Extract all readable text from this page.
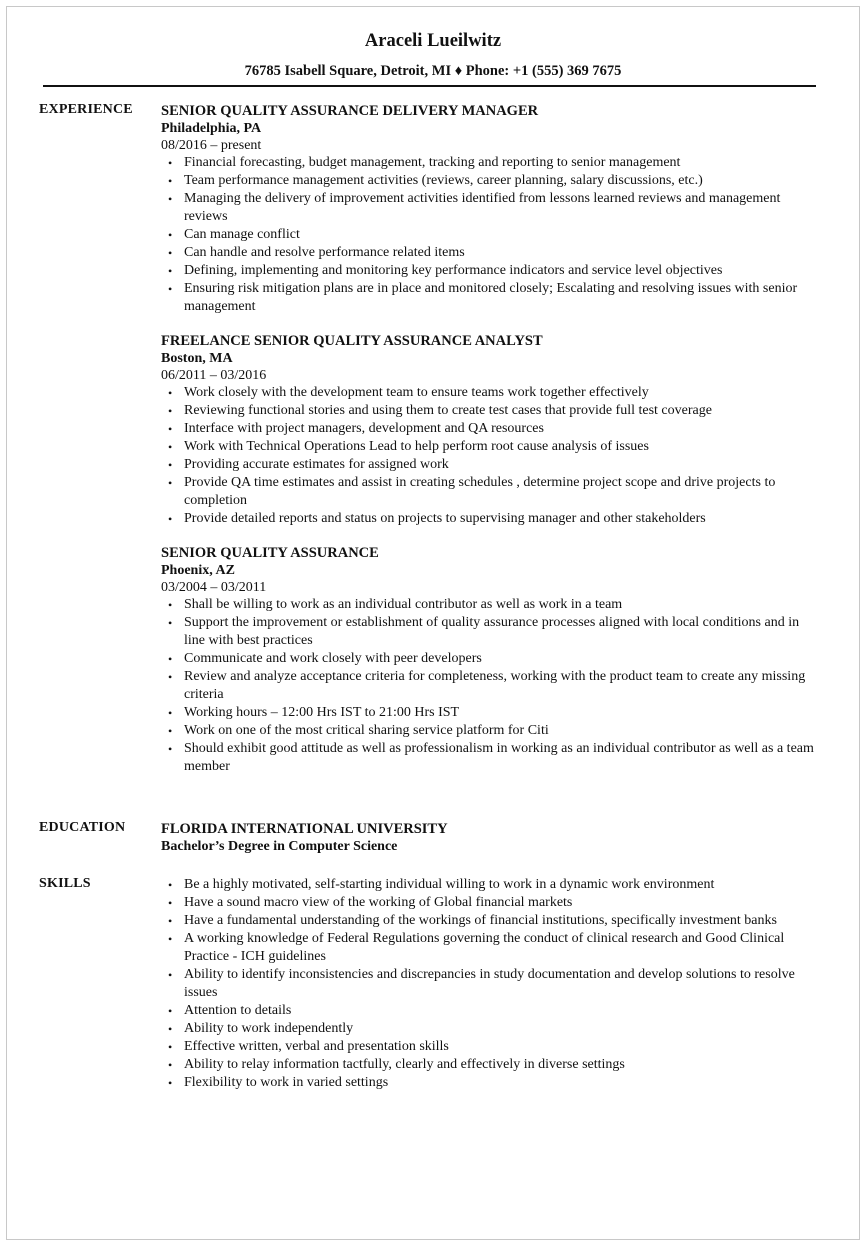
Araceli Lueilwitz
76785 Isabell Square, Detroit, MI ♦ Phone: +1 (555) 369 7675
EXPERIENCE SENIOR QUALITY ASSURANCE DELIVERY MANAGER
Philadelphia, PA
08/2016 – present
• Financial forecasting, budget management, tracking and reporting to senior management
• Team performance management activities (reviews, career planning, salary discussions, etc.)
• Managing the delivery of improvement activities identified from lessons learned reviews and management reviews
• Can manage conflict
• Can handle and resolve performance related items
• Defining, implementing and monitoring key performance indicators and service level objectives
• Ensuring risk mitigation plans are in place and monitored closely; Escalating and resolving issues with senior management
FREELANCE SENIOR QUALITY ASSURANCE ANALYST
Boston, MA
06/2011 – 03/2016
• Work closely with the development team to ensure teams work together effectively
• Reviewing functional stories and using them to create test cases that provide full test coverage
• Interface with project managers, development and QA resources
• Work with Technical Operations Lead to help perform root cause analysis of issues
• Providing accurate estimates for assigned work
• Provide QA time estimates and assist in creating schedules , determine project scope and drive projects to completion
• Provide detailed reports and status on projects to supervising manager and other stakeholders
SENIOR QUALITY ASSURANCE
Phoenix, AZ
03/2004 – 03/2011
• Shall be willing to work as an individual contributor as well as work in a team
• Support the improvement or establishment of quality assurance processes aligned with local conditions and in line with best practices
• Communicate and work closely with peer developers
• Review and analyze acceptance criteria for completeness, working with the product team to create any missing criteria
• Working hours – 12:00 Hrs IST to 21:00 Hrs IST
• Work on one of the most critical sharing service platform for Citi
• Should exhibit good attitude as well as professionalism in working as an individual contributor as well as a team member
EDUCATION FLORIDA INTERNATIONAL UNIVERSITY
Bachelor’s Degree in Computer Science
SKILLS
•	Be a highly motivated, self-starting individual willing to work in a dynamic work environment
• Have a sound macro view of the working of Global financial markets
• Have a fundamental understanding of the workings of financial institutions, specifically investment banks
• A working knowledge of Federal Regulations governing the conduct of clinical research and Good Clinical Practice - ICH guidelines
• Ability to identify inconsistencies and discrepancies in study documentation and develop solutions to resolve issues
• Attention to details
• Ability to work independently
• Effective written, verbal and presentation skills
• Ability to relay information tactfully, clearly and effectively in diverse settings
• Flexibility to work in varied settings
